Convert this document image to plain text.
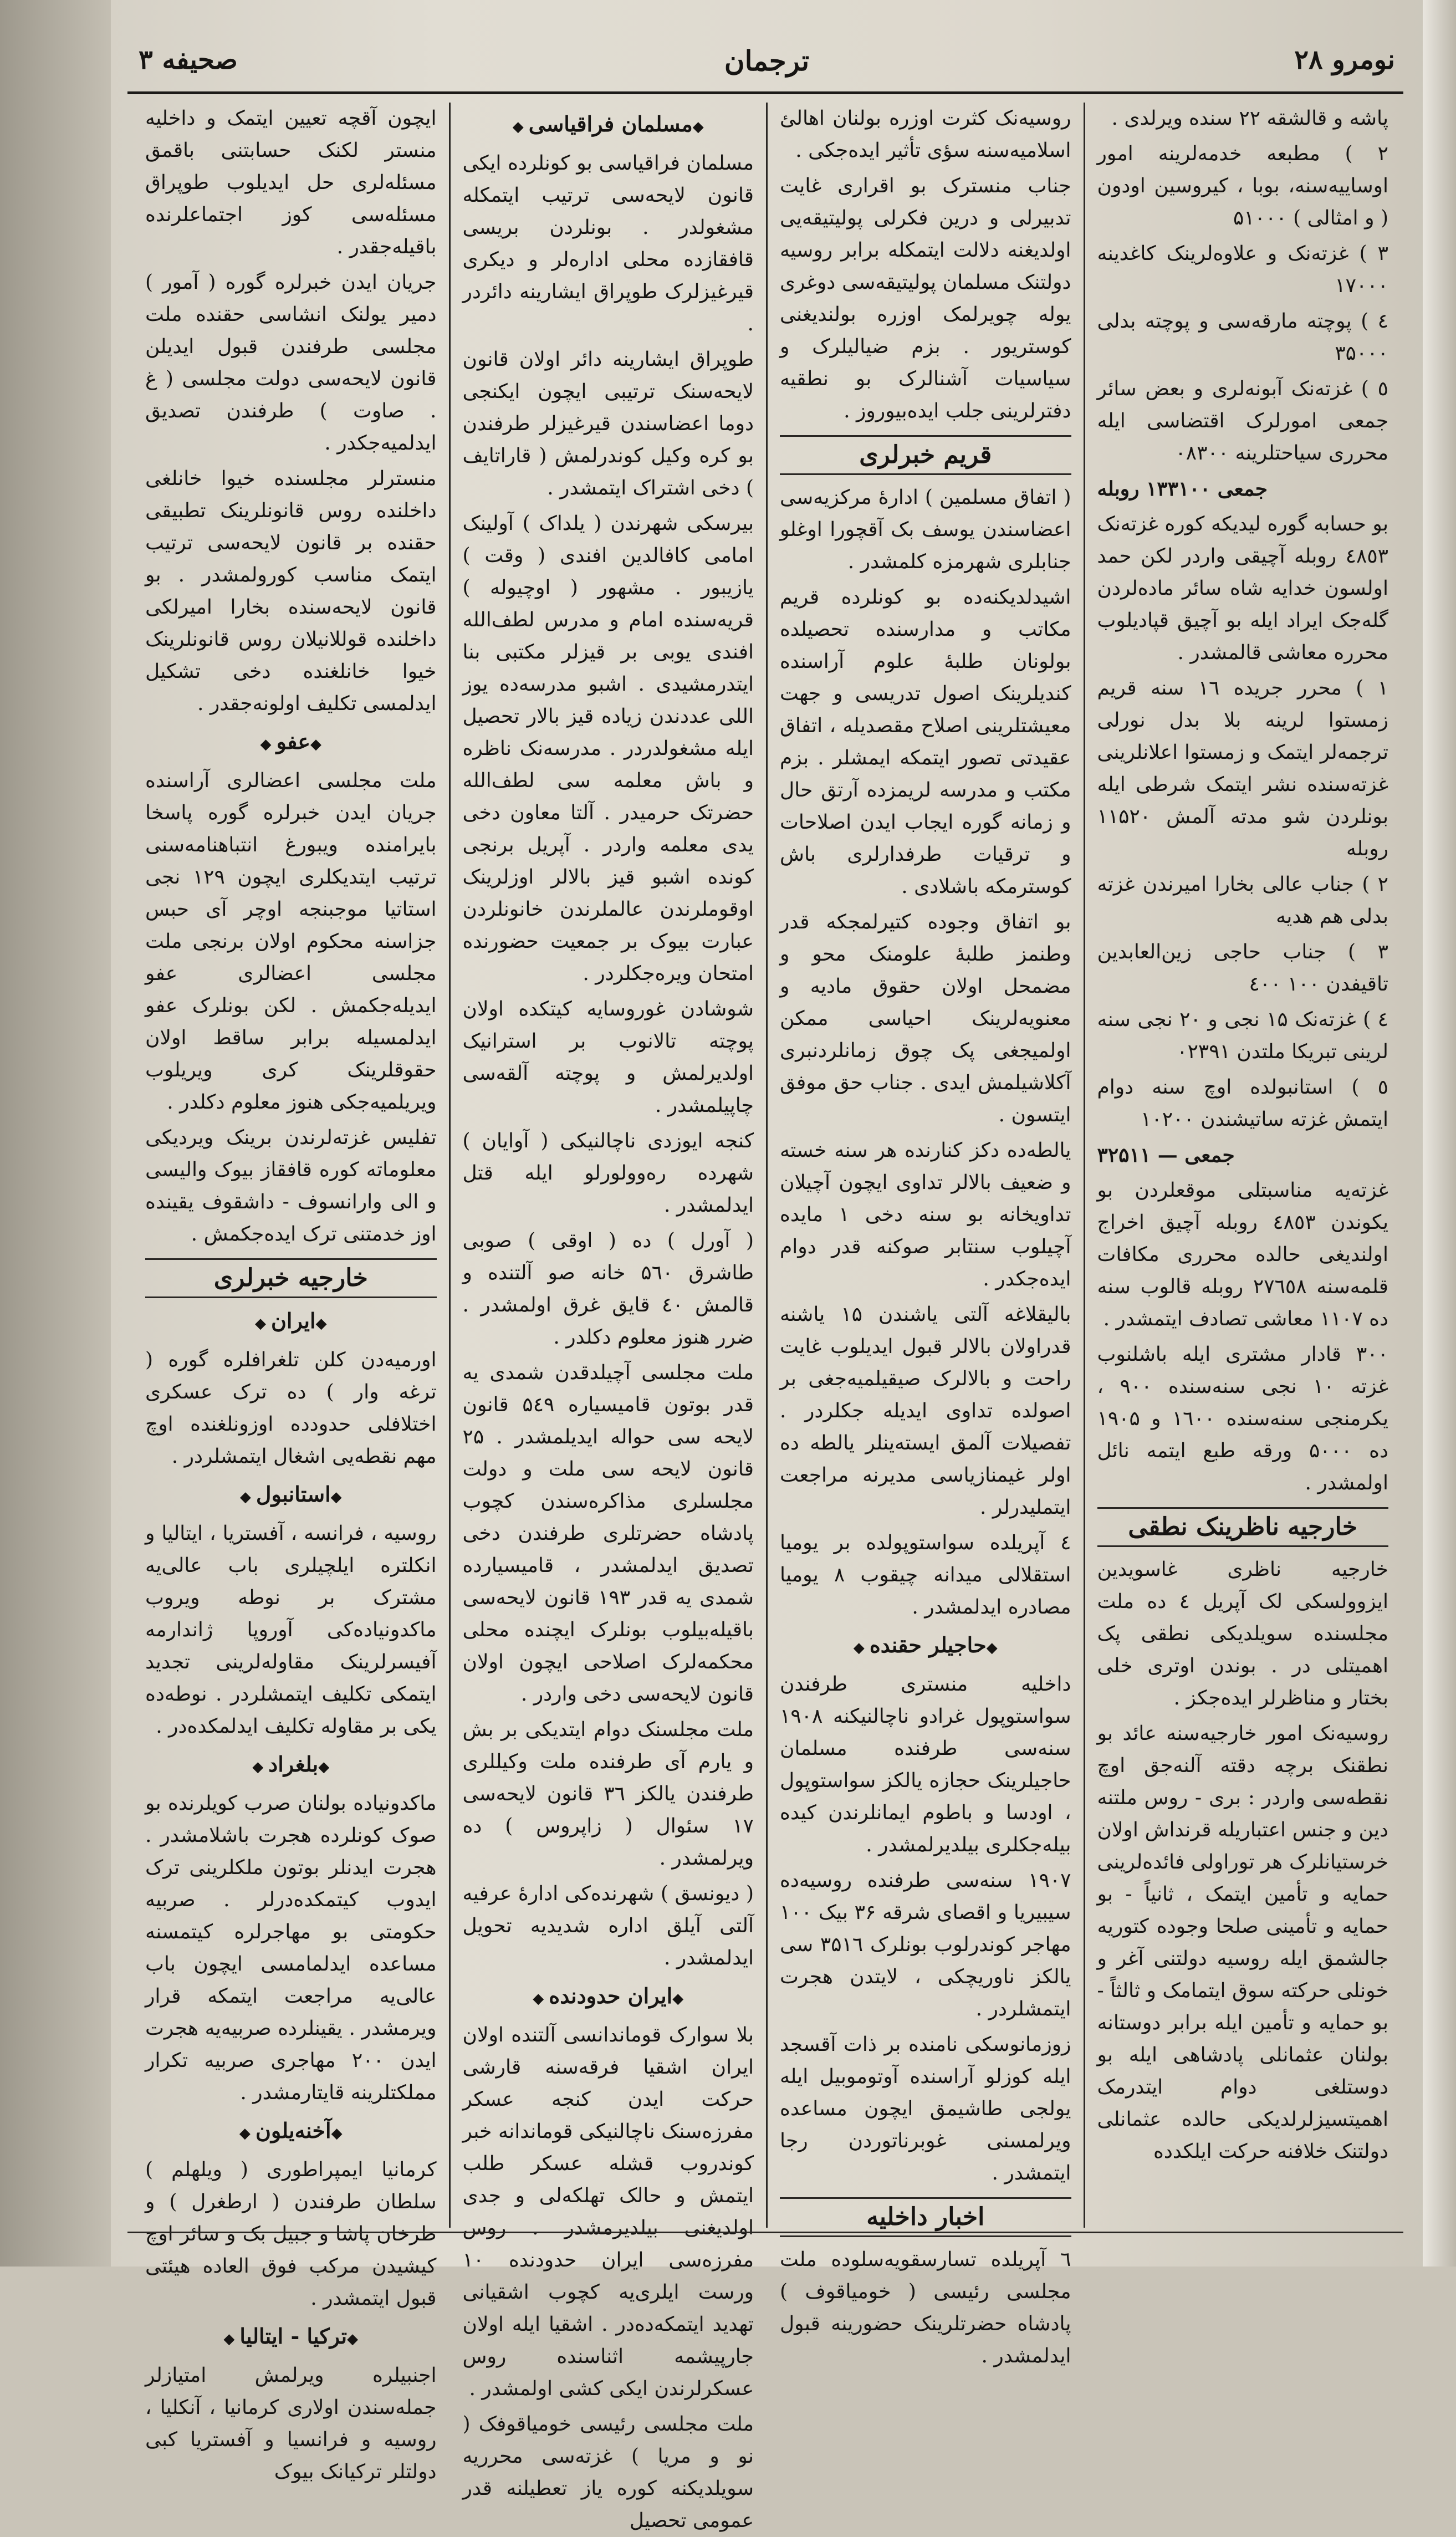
نومرو ۲۸
ترجمان
صحیفه ۳

پاشه و قالشقه ۲۲ سنده ویرلدی .

۲ ) مطبعه خدمه‌لرینه امور اوساییه‌سنه، بوبا ، کیروسین اودون ( و امثالی ) ۵۱۰۰۰

۳ ) غزته‌نک و علاوه‌لرینک کاغدینه ۱۷۰۰۰

٤ ) پوچته مارقه‌سی و پوچته بدلی ۳۵۰۰۰

٥ ) غزته‌نک آبونه‌لری و بعض سائر جمعی امورلرک اقتضاسی ایله محرری سیاحتلرینه ۰۸۳۰۰

جمعی ۱۳۳۱۰۰ روبله

بو حسابه گوره لیدیکه کوره غزته‌نک ٤٨٥٣ روبله آچیقی واردر لکن حمد اولسون خدایه شاه سائر مادەلردن گلەجک ایراد ایله بو آچیق قپادیلوب محرره معاشی قالمشدر .

۱ ) محرر جریده ۱٦ سنه قریم زمستوا لرینه بلا بدل نورلی ترجمه‌لر ایتمک و زمستوا اعلانلرینی غزته‌سنده نشر ایتمک شرطی ایله بونلردن شو مدته آلمش ۱۱۵۲۰ روبله

۲ ) جناب عالی بخارا امیرندن غزته بدلی هم هدیه

۳ ) جناب حاجی زین‌العابدین تاقیفدن ۱۰۰ ٤٠٠

٤ ) غزته‌نک ۱۵ نجی و ۲۰ نجی سنه لرینی تبریکا ملتدن ۰۲۳۹۱

٥ ) استانبولده اوچ سنه دوام ایتمش غزته ساتیشندن ۱۰۲۰۰

جمعی — ۳۲۵۱۱

غزته‌یه مناسبتلی موقعلردن بو یکوندن ٤٨٥٣ روبله آچیق اخراج اولندیغی حالده محرری مکافات قلمه‌سنه ۲۷٦٥٨ روبله قالوب سنه ده ۱۱۰۷ معاشی تصادف ایتمشدر .

۳۰۰ قادار مشتری ایله باشلنوب غزته ۱۰ نجی سنه‌سنده ۹۰۰ ، یکرمنجی سنه‌سنده ۱٦۰۰ و ۱۹۰۵ ده ۵۰۰۰ ورقه طبع ایتمه نائل اولمشدر .

خارجیه ناظرینک نطقی

خارجیه ناظری غاسویدین ایزوولسکی لک آپریل ٤ ده ملت مجلسنده سویلدیکی نطقی پک اهمیتلی در . بوندن اوتری خلی بختار و مناظرلر ایده‌جکز .

روسیه‌نک امور خارجیه‌سنه عائد بو نطقنک برچه دقته آلنه‌جق اوچ نقطه‌سی واردر : بری - روس ملتنه دین و جنس اعتباریله قرنداش اولان خرستیانلرک هر توراولی فائده‌لرینی حمایه و تأمین ایتمک ، ثانیاً - بو حمایه و تأمینی صلحا وجوده کتوریه جالشمق ایله روسیه دولتنی آغر و خونلی حرکته سوق ایتمامک و ثالثاً - بو حمایه و تأمین ایله برابر دوستانه بولنان عثمانلی پادشاهی ایله بو دوستلغی دوام ایتدرمک اهمیتسیزلرلدیکی حالده عثمانلی دولتنک خلافنه حرکت ایلکدده

روسیه‌نک کثرت اوزره بولنان اهالئ اسلامیه‌سنه سؤی تأثیر ایده‌جکی .

جناب منسترک بو اقراری غایت تدبیرلی و درین فکرلی پولیتیقه‌یی اولدیغنه دلالت ایتمکله برابر روسیه دولتنک مسلمان پولیتیقه‌سی دوغری یوله چویرلمک اوزره بولندیغنی کوستریور . بزم ضیالیلرک و سیاسیات آشنالرک بو نطقیه دفترلرینی جلب ایده‌بیوروز .

قریم خبرلری

( اتفاق مسلمین ) ادارهٔ مرکزیه‌سی اعضاسندن یوسف بک آقچورا اوغلو جنابلری شهرمزه کلمشدر .

اشیدلدیکنه‌ده بو کونلرده قریم مکاتب و مدارسنده تحصیلده بولونان طلبهٔ علوم آراسنده کندیلرینک اصول تدریسی و جهت معیشتلرینی اصلاح مقصدیله ، اتفاق عقیدتی تصور ایتمکه ایمشلر . بزم مکتب و مدرسه لریمزده آرتق حال و زمانه گوره ایجاب ایدن اصلاحات و ترقیات طرفدارلری باش کوسترمکه باشلادی .

بو اتفاق وجوده کتیرلمجکه قدر وطنمز طلبهٔ علومنک محو و مضمحل اولان حقوق مادیه و معنویه‌لرینک احیاسی ممکن اولمیجغی پک چوق زمانلردنبری آکلاشیلمش ایدی . جناب حق موفق ایتسون .

یالطه‌ده دکز کنارنده هر سنه خسته و ضعیف بالالر تداوی ایچون آچیلان تداویخانه بو سنه دخی ۱ مایده آچیلوب سنتابر صوکنه قدر دوام ایده‌جکدر .

بالیقلاغه آلتی یاشندن ۱۵ یاشنه قدراولان بالالر قبول ایدیلوب غایت راحت و بالالرک صیقیلمیه‌جغی بر اصولده تداوی ایدیله جکلردر . تفصیلات آلمق ایسته‌ینلر یالطه ده اولر غیمنازیاسی مدیرنه مراجعت ایتملیدرلر .

٤ آپریلده سواستوپولده بر یومیا استقلالی میدانه چیقوب ۸ یومیا مصادره ایدلمشدر .

◆ حاجیلر حقنده ◆

داخلیه منستری طرفندن سواستوپول غرادو ناچالنیکنه ۱۹۰۸ سنه‌سی طرفنده مسلمان حاجیلرینک حجازه یالکز سواستوپول ، اودسا و باطوم ایمانلرندن کیده بیله‌جکلری بیلدیرلمشدر .

۱۹۰۷ سنه‌سی طرفنده روسیه‌ده سیبیریا و اقصای شرقه ۳۶ بیک ۱۰۰ مهاجر کوندرلوب بونلرک ۳۵۱٦ سی یالکز ناوریچکی ، لایتدن هجرت ایتمشلردر .

زوزمانوسکی نامنده بر ذات آقسجد ایله کوزلو آراسنده آوتوموبیل ایله یولجی طاشیمق ایچون مساعده ویرلمسنی غوبرناتوردن رجا ایتمشدر .

اخبار داخلیه

٦ آپریلده تسارسقویه‌سلوده ملت مجلسی رئیسی ( خومیاقوف ) پادشاه حضرتلرینک حضورینه قبول ایدلمشدر .

◆ مسلمان فراقیاسی ◆

مسلمان فراقیاسی بو کونلرده ایکی قانون لایحه‌سی ترتیب ایتمکله مشغولدر . بونلردن بریسی قافقازده محلی اداره‌لر و دیکری قیرغیزلرک طوپراق ایشارینه دائردر .

طوپراق ایشارینه دائر اولان قانون لایحه‌سنک ترتیبی ایچون ایکنجی دوما اعضاسندن قیرغیزلر طرفندن بو کره وکیل کوندرلمش ( قاراتایف ) دخی اشتراک ایتمشدر .

بیرسکی شهرندن ( یلداک ) آولینک امامی کافالدین افندی ( وقت ) یازیبور . مشهور ( اوچیوله ) قریه‌سنده امام و مدرس لطف‌الله افندی یوبی بر قیزلر مکتبی بنا ایتدرمشیدی . اشبو مدرسه‌ده یوز اللی عددندن زیاده قیز بالار تحصیل ایله مشغولدردر . مدرسه‌نک ناظره و باش معلمه سی لطف‌الله حضرتک حرمیدر . آلتا معاون دخی یدی معلمه واردر . آپریل برنجی کونده اشبو قیز بالالر اوزلرینک اوقوملرندن عالملرندن خانونلردن عبارت بیوک بر جمعیت حضورنده امتحان ویره‌جکلردر .

شوشادن غوروسایه کیتکده اولان پوچته تالانوب بر استرانیک اولدیرلمش و پوچته آلقه‌سی چاپیلمشدر .

کنجه ایوزدی ناچالنیکی ( آوایان ) شهرده ره‌وولورلو ایله قتل ایدلمشدر .

( آورل ) ده ( اوقی ) صوبی طاشرق ۵٦۰ خانه صو آلتنده و قالمش ٤٠ قایق غرق اولمشدر . ضرر هنوز معلوم دکلدر .

ملت مجلسی آچیلدقدن شمدی یه قدر بوتون قامیسیاره ۵٤۹ قانون لایحه سی حواله ایدیلمشدر . ۲۵ قانون لایحه سی ملت و دولت مجلسلری مذاکره‌سندن کچوب پادشاه حضرتلری طرفندن دخی تصدیق ایدلمشدر ، قامیسیارده شمدی یه قدر ۱۹۳ قانون لایحه‌سی باقیله‌بیلوب بونلرک ایچنده محلی محکمه‌لرک اصلاحی ایچون اولان قانون لایحه‌سی دخی واردر .

ملت مجلسنک دوام ایتدیکی بر بش و یارم آی طرفنده ملت وکیللری طرفندن یالکز ۳٦ قانون لایحه‌سی ۱۷ سئوال ( زاپروس ) ده ویرلمشدر .

( دیونسق ) شهرنده‌کی ادارهٔ عرفیه آلتی آیلق اداره شدیدیه تحویل ایدلمشدر .

◆ ایران حدودنده ◆

بلا سوارک قوماندانسی آلتنده اولان ایران اشقیا فرقه‌سنه قارشی حرکت ایدن کنجه عسکر مفرزه‌سنک ناچالنیکی قوماندانه خبر کوندروب قشله عسکر طلب ایتمش و حالک تهلکه‌لی و جدی اولدیغنی بیلدیرمشدر . روس مفرزه‌سی ایران حدودنده ۱۰ ورست ایلری‌یه کچوب اشقیانی تهدید ایتمکه‌ده‌در . اشقیا ایله اولان جارپیشمه اثناسنده روس عسکرلرندن ایکی کشی اولمشدر .

ملت مجلسی رئیسی خومیاقوفک ( نو و مریا ) غزته‌سی محرریه سویلدیکنه کوره یاز تعطیلنه قدر عمومی تحصیل

ایچون آقچه تعیین ایتمک و داخلیه منستر لکنک حسابتنی باقمق مسئله‌لری حل ایدیلوب طوپراق مسئله‌سی کوز اجتماعلرنده باقیله‌جقدر .

جریان ایدن خبرلره گوره ( آمور ) دمیر یولنک انشاسی حقنده ملت مجلسی طرفندن قبول ایدیلن قانون لایحه‌سی دولت مجلسی ( غ . صاوت ) طرفندن تصدیق ایدلمیه‌جکدر .

منسترلر مجلسنده خیوا خانلغی داخلنده روس قانونلرینک تطبیقی حقنده بر قانون لایحه‌سی ترتیب ایتمک مناسب کورولمشدر . بو قانون لایحه‌سنده بخارا امیرلکی داخلنده قوللانیلان روس قانونلرینک خیوا خانلغنده دخی تشکیل ایدلمسی تکلیف اولونه‌جقدر .

◆ عفو ◆

ملت مجلسی اعضالری آراسنده جریان ایدن خبرلره گوره پاسخا بایرامنده ویبورغ انتباهنامه‌سنی ترتیب ایتدیکلری ایچون ۱۲۹ نجی استاتیا موجبنجه اوچر آی حبس جزاسنه محکوم اولان برنجی ملت مجلسی اعضالری عفو ایدیله‌جکمش . لکن بونلرک عفو ایدلمسیله برابر ساقط اولان حقوقلرینک کری ویریلوب ویریلمیه‌جکی هنوز معلوم دکلدر .

تفلیس غزته‌لرندن برینک ویردیکی معلوماته کوره قافقاز بیوک والیسی و الی وارانسوف - داشقوف یقینده اوز خدمتنی ترک ایده‌جکمش .

خارجیه خبرلری
◆ ایران ◆

اورمیه‌دن کلن تلغرافلره گوره ( ترغه وار ) ده ترک عسکری اختلافلی حدودده اوزونلغنده اوچ مهم نقطه‌یی اشغال ایتمشلردر .

◆ استانبول ◆

روسیه ، فرانسه ، آفستریا ، ایتالیا و انکلتره ایلچیلری باب عالی‌یه مشترک بر نوطه ویروب ماکدونیاده‌کی آوروپا ژاندارمه آفیسرلرینک مقاوله‌لرینی تجدید ایتمکی تکلیف ایتمشلردر . نوطه‌ده یکی بر مقاوله تکلیف ایدلمکده‌در .

◆ بلغراد ◆

ماکدونیاده بولنان صرب کویلرنده بو صوک کونلرده هجرت باشلامشدر . هجرت ایدنلر بوتون ملکلرینی ترک ایدوب کیتمکده‌درلر . صربیه حکومتی بو مهاجرلره کیتمسنه مساعده ایدلمامسی ایچون باب عالی‌یه مراجعت ایتمکه قرار ویرمشدر . یقینلرده صربیه‌یه هجرت ایدن ۲۰۰ مهاجری صربیه تکرار مملکتلرینه قایتارمشدر .

◆ آخنه‌یلون ◆

کرمانیا ایمپراطوری ( ویلهلم ) سلطان طرفندن ( ارطغرل ) و طرخان پاشا و جبیل بک و سائر اوچ کیشیدن مرکب فوق العاده هیئتی قبول ایتمشدر .

◆ ترکیا - ایتالیا ◆

اجنبیلره ویرلمش امتیازلر جمله‌سندن اولاری کرمانیا ، آنکلیا ، روسیه و فرانسیا و آفستریا کبی دولتلر ترکیانک بیوک
